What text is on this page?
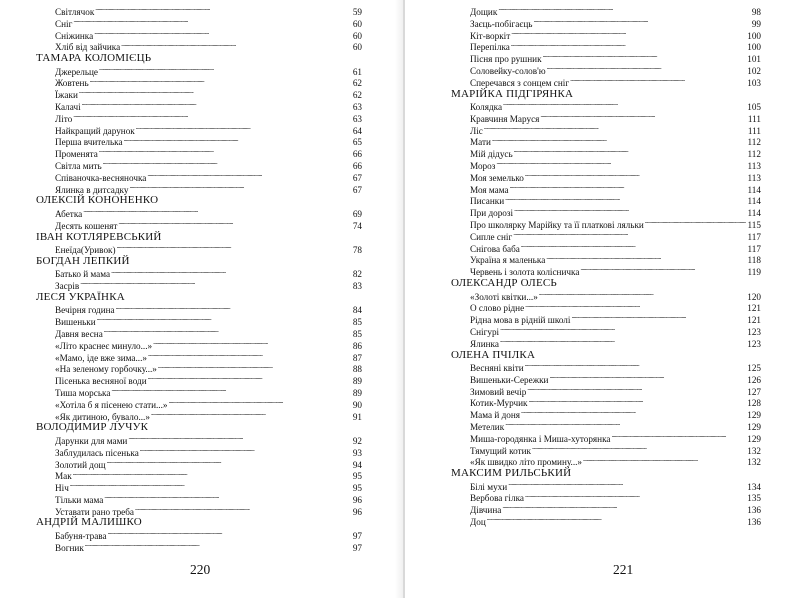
Світлячок . . .	59
Сніг . . .	60
Сніжинка . . .	60
Хліб від зайчика . . .	60
ТАМАРА КОЛОМІЄЦЬ
Джерельце . . .	61
Жовтень . . .	62
Їжаки . . .	62
Калачі . . .	63
Літо . . .	63
Найкращий дарунок . . .	64
Перша вчителька . . .	65
Променята . . .	66
Світла мить . . .	66
Співаночка-весняночка . . .	67
Ялинка в дитсадку . . .	67
ОЛЕКСІЙ КОНОНЕНКО
Абетка . . .	69
Десять кошенят . . .	74
ІВАН КОТЛЯРЕВСЬКИЙ
Енеїда(Уривок) . . .	78
БОГДАН ЛЕПКИЙ
Батько й мама . . .	82
Засрів . . .	83
ЛЕСЯ УКРАЇНКА
Вечірня година . . .	84
Вишеньки . . .	85
Давня весна . . .	85
«Літо краснеє минуло...» . . .	86
«Мамо, іде вже зима...» . . .	87
«На зеленому горбочку...» . . .	88
Пісенька весняної води . . .	89
Тиша морська . . .	89
«Хотіла б я пісенею стати...» . . .	90
«Як дитиною, бувало...» . . .	91
ВОЛОДИМИР ЛУЧУК
Дарунки для мами . . .	92
Заблудилась пісенька . . .	93
Золотий дощ . . .	94
Мак . . .	95
Ніч . . .	95
Тільки мама . . .	96
Уставати рано треба . . .	96
АНДРІЙ МАЛИШКО
Бабуня-трава . . .	97
Вогник . . .	97
220
Дощик . . .	98
Заєць-побігаєць . . .	99
Кіт-воркіт . . .	100
Перепілка . . .	100
Пісня про рушник . . .	101
Соловейку-солов'ю . . .	102
Сперечався з сонцем сніг . . .	103
МАРІЙКА ПІДГІРЯНКА
Колядка . . .	105
Кравчиня Маруся . . .	111
Ліс . . .	111
Мати . . .	112
Мій дідусь . . .	112
Мороз . . .	113
Моя земелько . . .	113
Моя мама . . .	114
Писанки . . .	114
При дорозі . . .	114
Про школярку Марійку та її платкові ляльки . . .	115
Сипле сніг . . .	117
Снігова баба . . .	117
Україна я маленька . . .	118
Червень і золота колісничка . . .	119
ОЛЕКСАНДР ОЛЕСЬ
«Золоті квітки...» . . .	120
О слово рідне . . .	121
Рідна мова в рідній школі . . .	121
Снігурі . . .	123
Ялинка . . .	123
ОЛЕНА ПЧІЛКА
Весняні квіти . . .	125
Вишеньки-Сережки . . .	126
Зимовий вечір . . .	127
Котик-Мурчик . . .	128
Мама й доня . . .	129
Метелик . . .	129
Миша-городянка і Миша-хуторянка . . .	129
Тямущий котик . . .	132
«Як швидко літо промину...» . . .	132
МАКСИМ РИЛЬСЬКИЙ
Білі мухи . . .	134
Вербова гілка . . .	135
Дівчина . . .	136
Доц . . .	136
221
